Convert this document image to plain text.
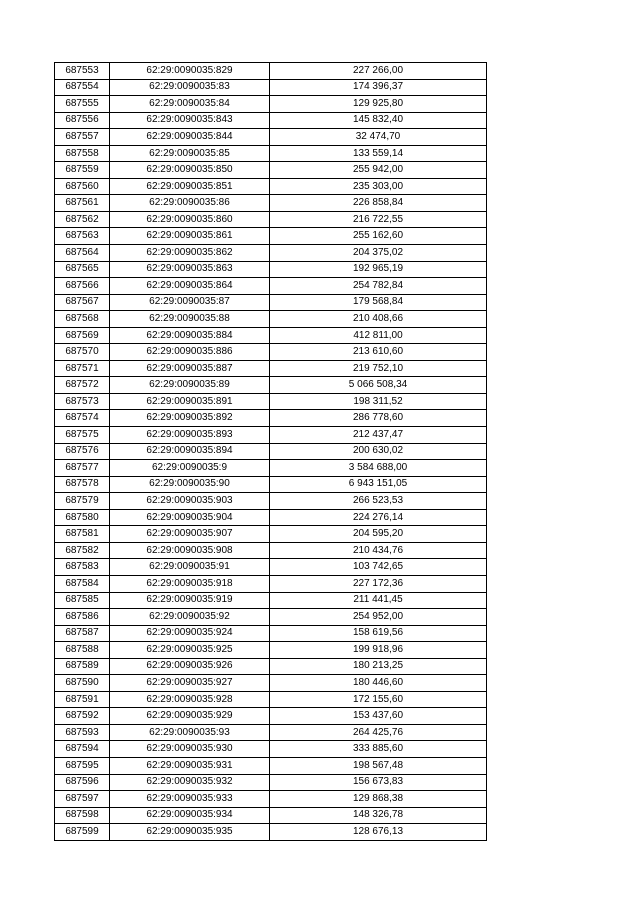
687553	62:29:0090035:829	227 266,00
687554	62:29:0090035:83	174 396,37
687555	62:29:0090035:84	129 925,80
687556	62:29:0090035:843	145 832,40
687557	62:29:0090035:844	32 474,70
687558	62:29:0090035:85	133 559,14
687559	62:29:0090035:850	255 942,00
687560	62:29:0090035:851	235 303,00
687561	62:29:0090035:86	226 858,84
687562	62:29:0090035:860	216 722,55
687563	62:29:0090035:861	255 162,60
687564	62:29:0090035:862	204 375,02
687565	62:29:0090035:863	192 965,19
687566	62:29:0090035:864	254 782,84
687567	62:29:0090035:87	179 568,84
687568	62:29:0090035:88	210 408,66
687569	62:29:0090035:884	412 811,00
687570	62:29:0090035:886	213 610,60
687571	62:29:0090035:887	219 752,10
687572	62:29:0090035:89	5 066 508,34
687573	62:29:0090035:891	198 311,52
687574	62:29:0090035:892	286 778,60
687575	62:29:0090035:893	212 437,47
687576	62:29:0090035:894	200 630,02
687577	62:29:0090035:9	3 584 688,00
687578	62:29:0090035:90	6 943 151,05
687579	62:29:0090035:903	266 523,53
687580	62:29:0090035:904	224 276,14
687581	62:29:0090035:907	204 595,20
687582	62:29:0090035:908	210 434,76
687583	62:29:0090035:91	103 742,65
687584	62:29:0090035:918	227 172,36
687585	62:29:0090035:919	211 441,45
687586	62:29:0090035:92	254 952,00
687587	62:29:0090035:924	158 619,56
687588	62:29:0090035:925	199 918,96
687589	62:29:0090035:926	180 213,25
687590	62:29:0090035:927	180 446,60
687591	62:29:0090035:928	172 155,60
687592	62:29:0090035:929	153 437,60
687593	62:29:0090035:93	264 425,76
687594	62:29:0090035:930	333 885,60
687595	62:29:0090035:931	198 567,48
687596	62:29:0090035:932	156 673,83
687597	62:29:0090035:933	129 868,38
687598	62:29:0090035:934	148 326,78
687599	62:29:0090035:935	128 676,13
